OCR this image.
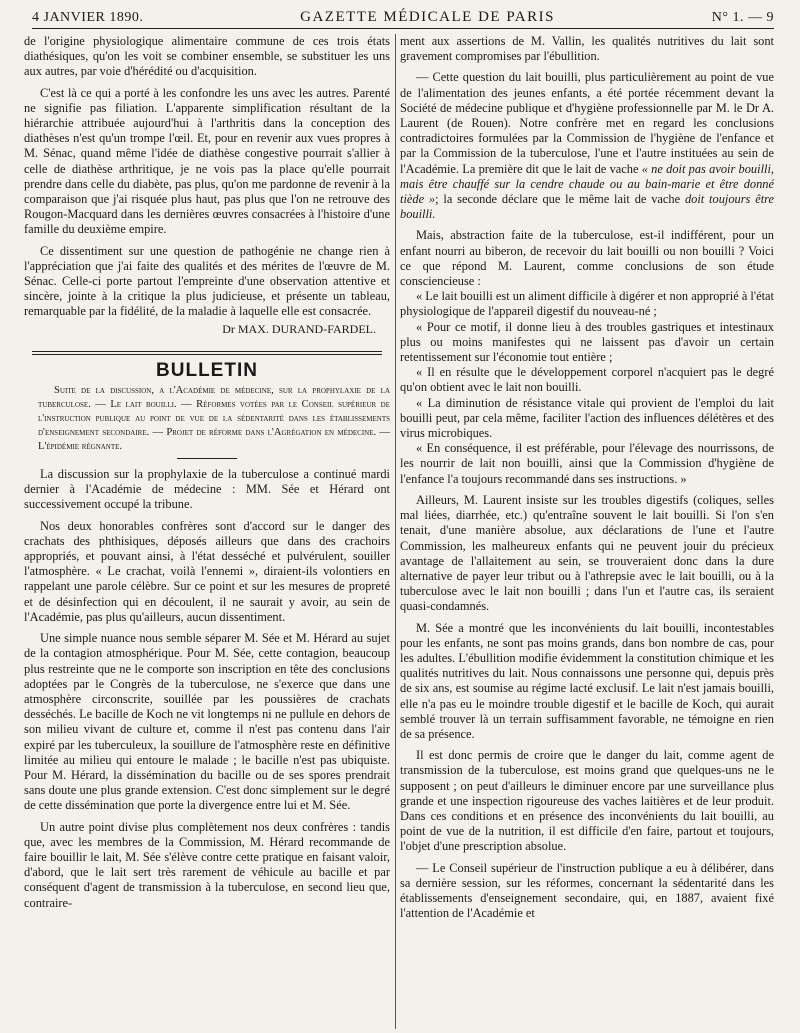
4 JANVIER 1890.	GAZETTE MÉDICALE DE PARIS	N° 1. — 9

de l'origine physiologique alimentaire commune de ces trois états diathésiques, qu'on les voit se combiner ensemble, se substituer les uns aux autres, par voie d'hérédité ou d'acquisition.

C'est là ce qui a porté à les confondre les uns avec les autres. Parenté ne signifie pas filiation. L'apparente simplification résultant de la hiérarchie attribuée aujourd'hui à l'arthritis dans la conception des diathèses n'est qu'un trompe l'œil. Et, pour en revenir aux vues propres à M. Sénac, quand même l'idée de diathèse congestive pourrait s'allier à celle de diathèse arthritique, je ne vois pas la place qu'elle pourrait prendre dans celle du diabète, pas plus, qu'on me pardonne de revenir à la comparaison que j'ai risquée plus haut, pas plus que l'on ne retrouve des Rougon-Macquard dans les dernières œuvres consacrées à l'histoire d'une famille du deuxième empire.

Ce dissentiment sur une question de pathogénie ne change rien à l'appréciation que j'ai faite des qualités et des mérites de l'œuvre de M. Sénac. Celle-ci porte partout l'empreinte d'une observation attentive et sincère, jointe à la critique la plus judicieuse, et présente un tableau, remarquable par la fidélité, de la maladie à laquelle elle est consacrée.

Dr MAX. DURAND-FARDEL.
BULLETIN

Suite de la discussion, a l'Académie de médecine, sur la prophylaxie de la tuberculose. — Le lait bouilli. — Réformes votées par le Conseil supérieur de l'instruction publique au point de vue de la sédentarité dans les établissements d'enseignement secondaire. — Projet de réforme dans l'Agrégation en médecine. — L'épidémie régnante.

La discussion sur la prophylaxie de la tuberculose a continué mardi dernier à l'Académie de médecine : MM. Sée et Hérard ont successivement occupé la tribune.

Nos deux honorables confrères sont d'accord sur le danger des crachats des phthisiques, déposés ailleurs que dans des crachoirs appropriés, et pouvant ainsi, à l'état desséché et pulvérulent, souiller l'atmosphère. « Le crachat, voilà l'ennemi », diraient-ils volontiers en rappelant une parole célèbre. Sur ce point et sur les mesures de propreté et de désinfection qui en découlent, il ne saurait y avoir, au sein de l'Académie, pas plus qu'ailleurs, aucun dissentiment.

Une simple nuance nous semble séparer M. Sée et M. Hérard au sujet de la contagion atmosphérique. Pour M. Sée, cette contagion, beaucoup plus restreinte que ne le comporte son inscription en tête des conclusions adoptées par le Congrès de la tuberculose, ne s'exerce que dans une atmosphère circonscrite, souillée par les poussières de crachats desséchés. Le bacille de Koch ne vit longtemps ni ne pullule en dehors de son milieu vivant de culture et, comme il n'est pas contenu dans l'air expiré par les tuberculeux, la souillure de l'atmosphère reste en définitive limitée au milieu qui entoure le malade ; le bacille n'est pas ubiquiste. Pour M. Hérard, la dissémination du bacille ou de ses spores prendrait sans doute une plus grande extension. C'est donc simplement sur le degré de cette dissémination que porte la divergence entre lui et M. Sée.

Un autre point divise plus complètement nos deux confrères : tandis que, avec les membres de la Commission, M. Hérard recommande de faire bouillir le lait, M. Sée s'élève contre cette pratique en faisant valoir, d'abord, que le lait sert très rarement de véhicule au bacille et par conséquent d'agent de transmission à la tuberculose, en second lieu que, contraire-

ment aux assertions de M. Vallin, les qualités nutritives du lait sont gravement compromises par l'ébullition.

— Cette question du lait bouilli, plus particulièrement au point de vue de l'alimentation des jeunes enfants, a été portée récemment devant la Société de médecine publique et d'hygiène professionnelle par M. le Dr A. Laurent (de Rouen). Notre confrère met en regard les conclusions contradictoires formulées par la Commission de l'hygiène de l'enfance et par la Commission de la tuberculose, l'une et l'autre instituées au sein de l'Académie. La première dit que le lait de vache « ne doit pas avoir bouilli, mais être chauffé sur la cendre chaude ou au bain-marie et être donné tiède »; la seconde déclare que le même lait de vache doit toujours être bouilli.

Mais, abstraction faite de la tuberculose, est-il indifférent, pour un enfant nourri au biberon, de recevoir du lait bouilli ou non bouilli ? Voici ce que répond M. Laurent, comme conclusions de son étude consciencieuse :

« Le lait bouilli est un aliment difficile à digérer et non approprié à l'état physiologique de l'appareil digestif du nouveau-né ;

« Pour ce motif, il donne lieu à des troubles gastriques et intestinaux plus ou moins manifestes qui ne laissent pas d'avoir un certain retentissement sur l'économie tout entière ;

« Il en résulte que le développement corporel n'acquiert pas le degré qu'on obtient avec le lait non bouilli.

« La diminution de résistance vitale qui provient de l'emploi du lait bouilli peut, par cela même, faciliter l'action des influences délétères et des virus microbiques.

« En conséquence, il est préférable, pour l'élevage des nourrissons, de les nourrir de lait non bouilli, ainsi que la Commission d'hygiène de l'enfance l'a toujours recommandé dans ses instructions. »

Ailleurs, M. Laurent insiste sur les troubles digestifs (coliques, selles mal liées, diarrhée, etc.) qu'entraîne souvent le lait bouilli. Si l'on s'en tenait, d'une manière absolue, aux déclarations de l'une et l'autre Commission, les malheureux enfants qui ne peuvent jouir du précieux avantage de l'allaitement au sein, se trouveraient donc dans la dure alternative de payer leur tribut ou à l'athrepsie avec le lait bouilli, ou à la tuberculose avec le lait non bouilli ; dans l'un et l'autre cas, ils seraient quasi-condamnés.

M. Sée a montré que les inconvénients du lait bouilli, incontestables pour les enfants, ne sont pas moins grands, dans bon nombre de cas, pour les adultes. L'ébullition modifie évidemment la constitution chimique et les qualités nutritives du lait. Nous connaissons une personne qui, depuis près de six ans, est soumise au régime lacté exclusif. Le lait n'est jamais bouilli, elle n'a pas eu le moindre trouble digestif et le bacille de Koch, qui aurait semblé trouver là un terrain suffisamment favorable, ne témoigne en rien de sa présence.

Il est donc permis de croire que le danger du lait, comme agent de transmission de la tuberculose, est moins grand que quelques-uns ne le supposent ; on peut d'ailleurs le diminuer encore par une surveillance plus grande et une inspection rigoureuse des vaches laitières et de leur produit. Dans ces conditions et en présence des inconvénients du lait bouilli, au point de vue de la nutrition, il est difficile d'en faire, partout et toujours, l'objet d'une prescription absolue.

— Le Conseil supérieur de l'instruction publique a eu à délibérer, dans sa dernière session, sur les réformes, concernant la sédentarité dans les établissements d'enseignement secondaire, qui, en 1887, avaient fixé l'attention de l'Académie et
